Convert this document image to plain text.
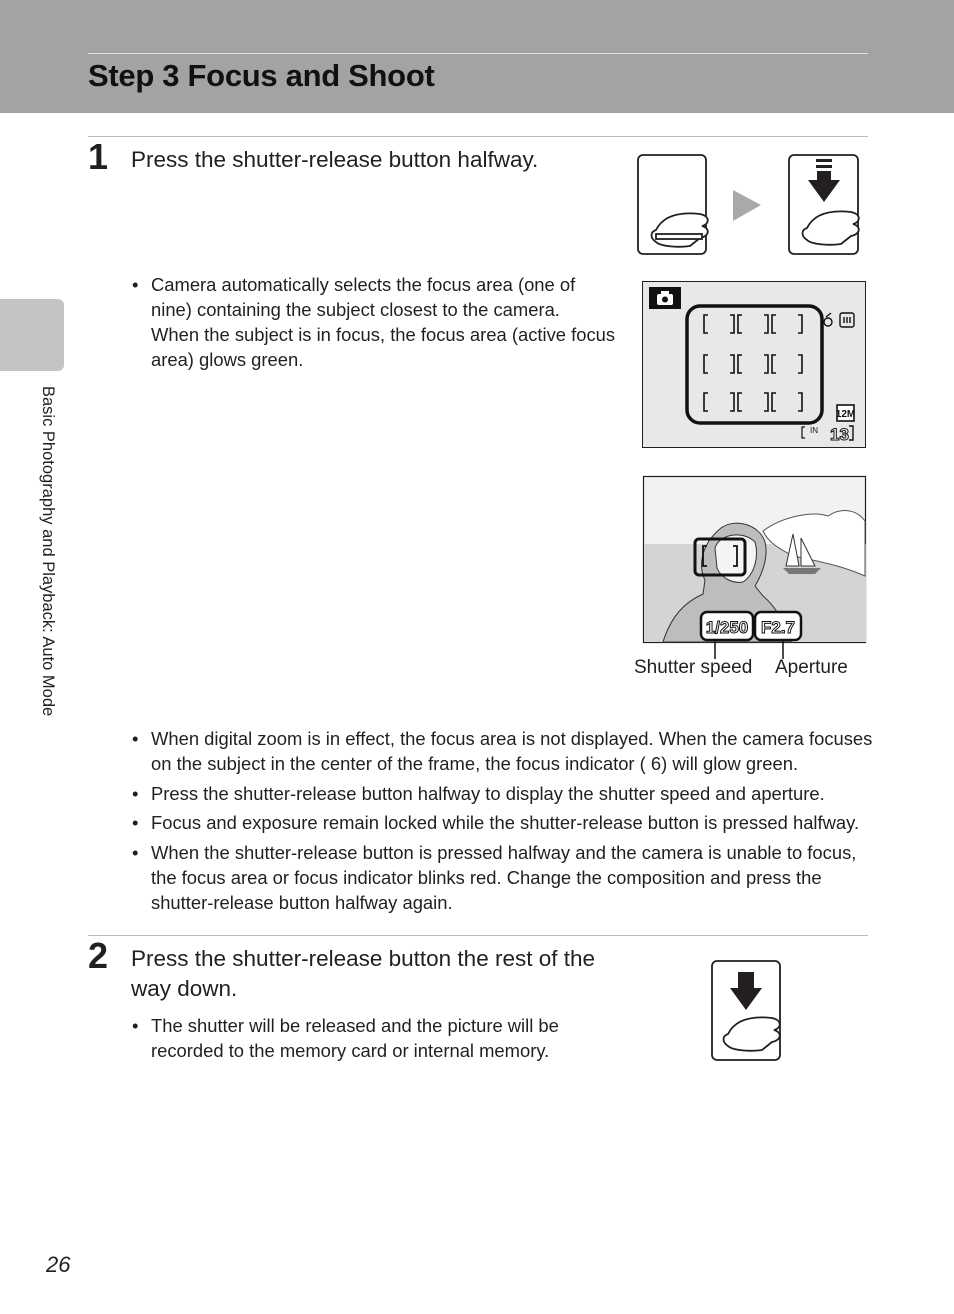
Step 3 Focus and Shoot
Basic Photography and Playback: Auto Mode
1 Press the shutter-release button halfway.
• Camera automatically selects the focus area (one of
nine) containing the subject closest to the camera.
When the subject is in focus, the focus area (active focus
area) glows green.
12M
IN 13
1/250 F2.7
Shutter speed Aperture
• When digital zoom is in effect, the focus area is not displayed. When the camera focuses
on the subject in the center of the frame, the focus indicator ( 6) will glow green.
• Press the shutter-release button halfway to display the shutter speed and aperture.
• Focus and exposure remain locked while the shutter-release button is pressed halfway.
• When the shutter-release button is pressed halfway and the camera is unable to focus,
the focus area or focus indicator blinks red. Change the composition and press the
shutter-release button halfway again.
2 Press the shutter-release button the rest of the
way down.
• The shutter will be released and the picture will be
recorded to the memory card or internal memory.
26
